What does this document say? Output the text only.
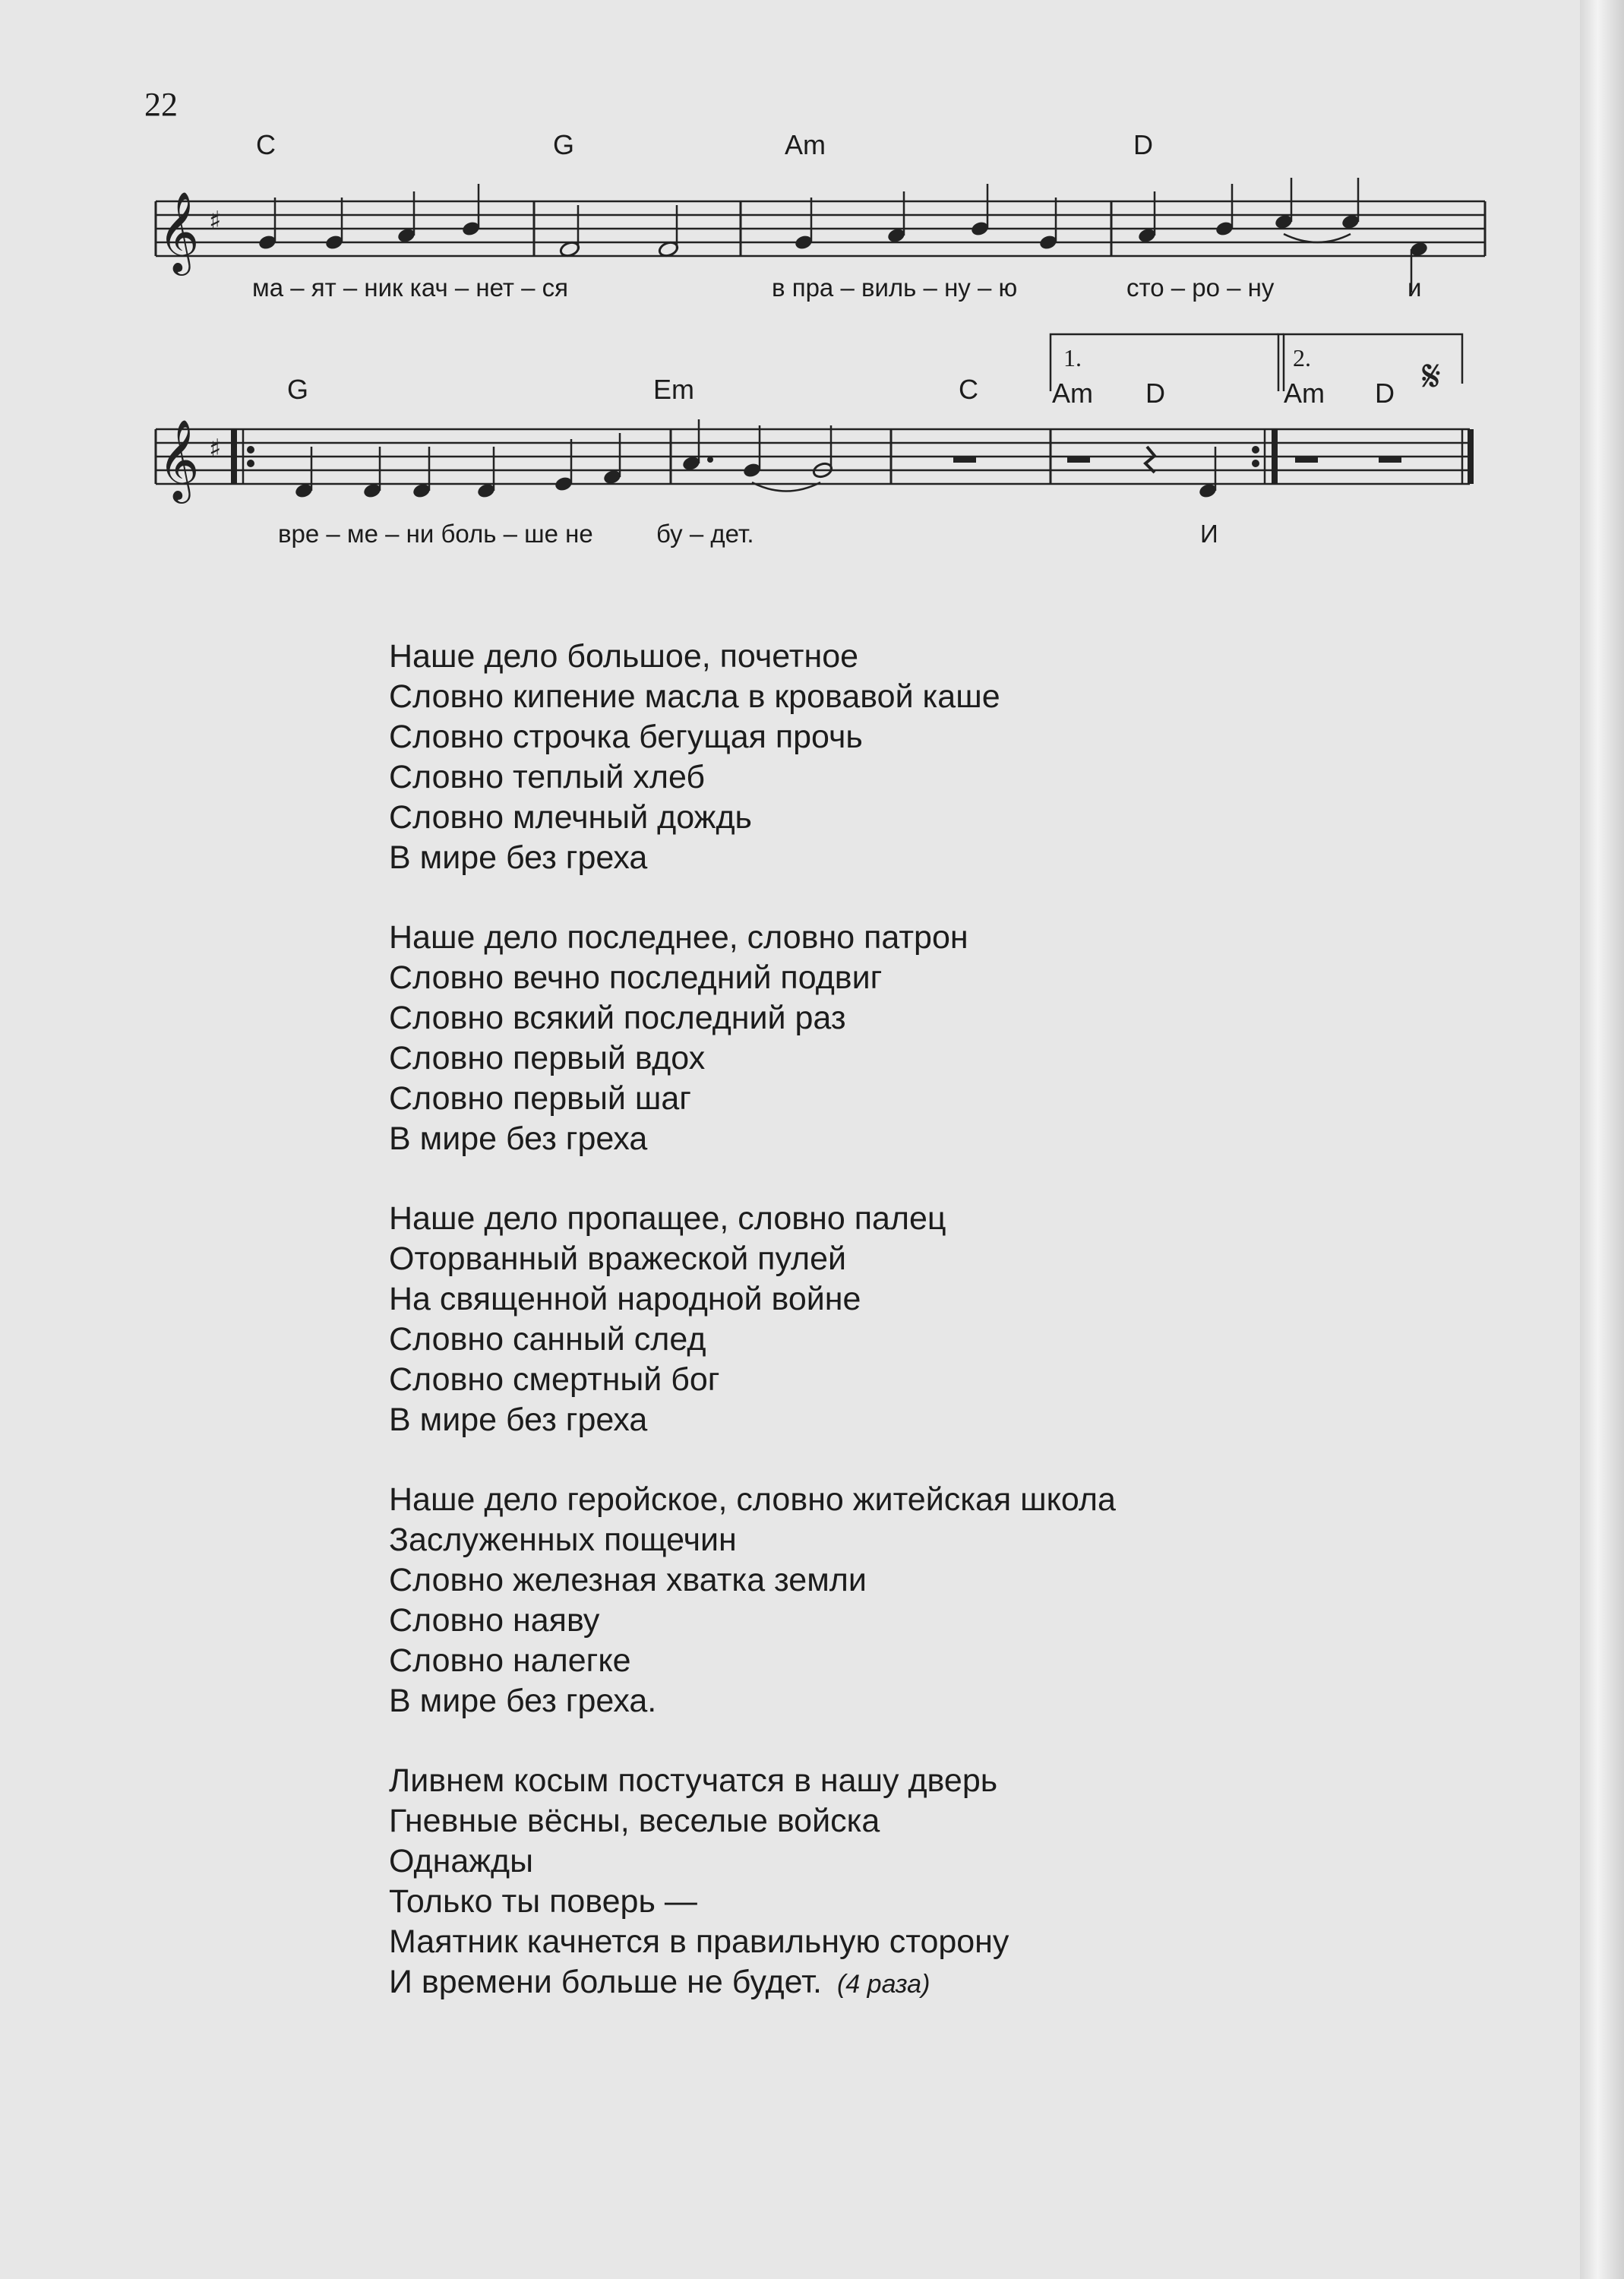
22
𝄞 ♯
𝄞 ♯
𝄋
C	G	Am	D
ма – ят – ник кач – нет – ся	в пра – виль – ну – ю	сто – ро – ну	и
1.	2.
G	Em	C	Am D	Am D
вре – ме – ни боль – ше не	бу – дет.	И
Наше дело большое, почетное
Словно кипение масла в кровавой каше
Словно строчка бегущая прочь
Словно теплый хлеб
Словно млечный дождь
В мире без греха
Наше дело последнее, словно патрон
Словно вечно последний подвиг
Словно всякий последний раз
Словно первый вдох
Словно первый шаг
В мире без греха
Наше дело пропащее, словно палец
Оторванный вражеской пулей
На священной народной войне
Словно санный след
Словно смертный бог
В мире без греха
Наше дело геройское, словно житейская школа
Заслуженных пощечин
Словно железная хватка земли
Словно наяву
Словно налегке
В мире без греха.
Ливнем косым постучатся в нашу дверь
Гневные вёсны, веселые войска
Однажды
Только ты поверь —
Маятник качнется в правильную сторону
И времени больше не будет. (4 раза)
